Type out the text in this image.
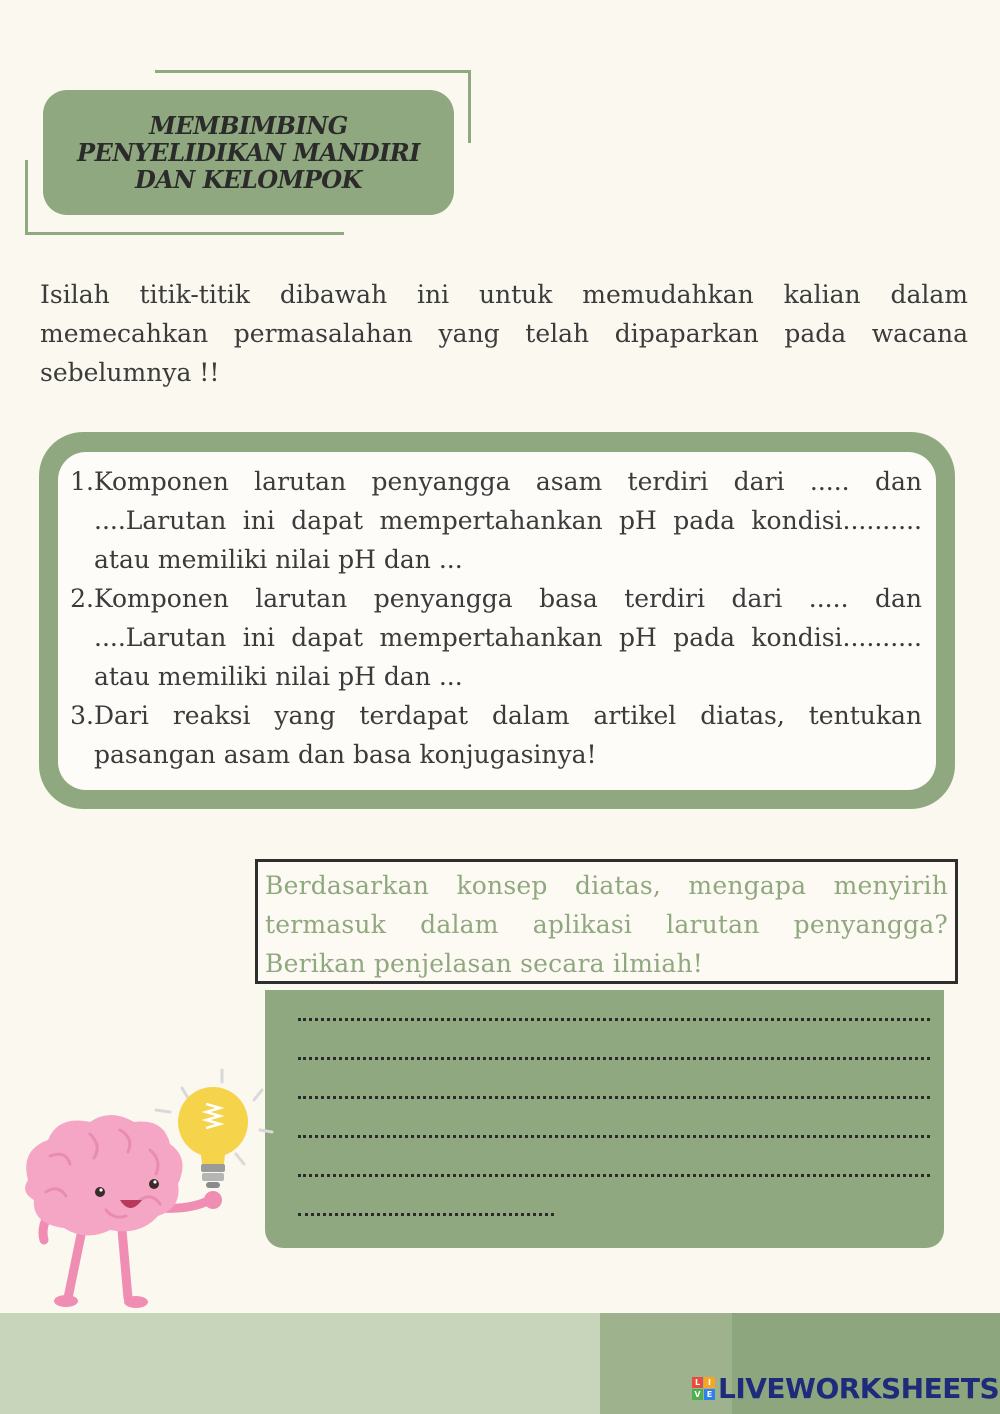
MEMBIMBING
PENYELIDIKAN MANDIRI
DAN KELOMPOK

Isilah titik-titik dibawah ini untuk memudahkan kalian dalam memecahkan permasalahan yang telah dipaparkan pada wacana sebelumnya !!

1. Komponen larutan penyangga asam terdiri dari ..... dan ....Larutan ini dapat mempertahankan pH pada kondisi.......... atau memiliki nilai pH dan ...
2. Komponen larutan penyangga basa terdiri dari ..... dan ....Larutan ini dapat mempertahankan pH pada kondisi.......... atau memiliki nilai pH dan ...
3. Dari reaksi yang terdapat dalam artikel diatas, tentukan pasangan asam dan basa konjugasinya!

Berdasarkan konsep diatas, mengapa menyirih termasuk dalam aplikasi larutan penyangga? Berikan penjelasan secara ilmiah!

L I
V E LIVEWORKSHEETS
